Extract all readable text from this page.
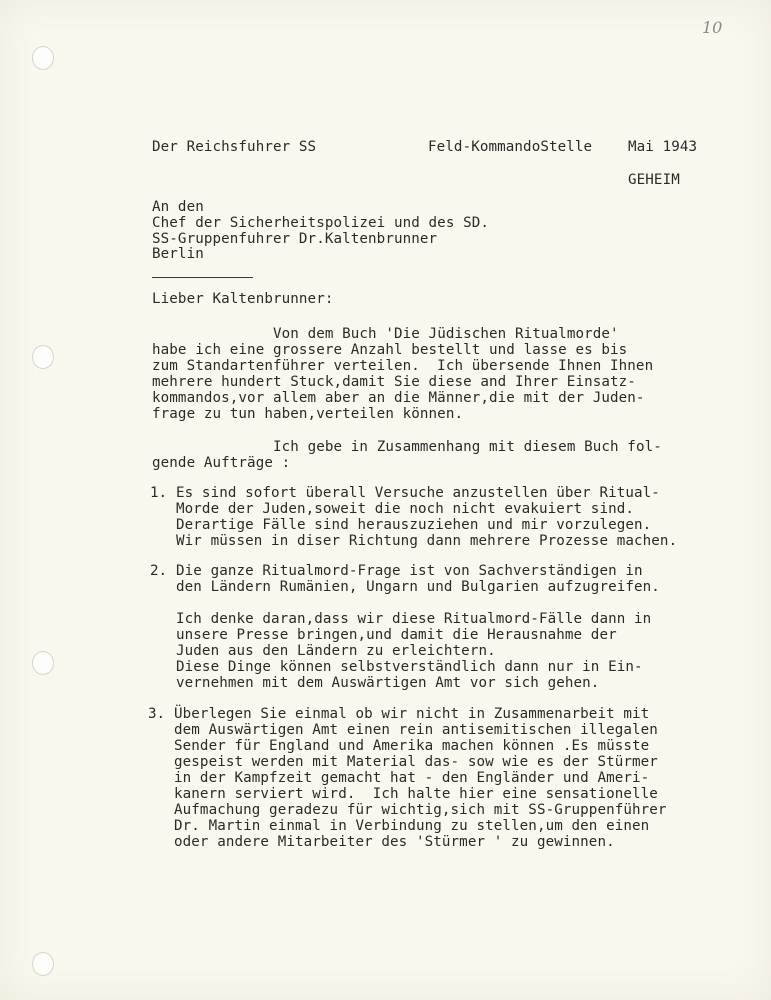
10
Der Reichsfuhrer SS	Feld-KommandoStelle	Mai 1943
GEHEIM
An den
Chef der Sicherheitspolizei und des SD.
SS-Gruppenfuhrer Dr.Kaltenbrunner
Berlin
Lieber Kaltenbrunner:
Von dem Buch 'Die Jüdischen Ritualmorde'
habe ich eine grossere Anzahl bestellt und lasse es bis
zum Standartenführer verteilen.  Ich übersende Ihnen Ihnen
mehrere hundert Stuck,damit Sie diese and Ihrer Einsatz-
kommandos,vor allem aber an die Männer,die mit der Juden-
frage zu tun haben,verteilen können.
Ich gebe in Zusammenhang mit diesem Buch fol-
gende Aufträge :
1. Es sind sofort überall Versuche anzustellen über Ritual-
Morde der Juden,soweit die noch nicht evakuiert sind.
Derartige Fälle sind herauszuziehen und mir vorzulegen.
Wir müssen in diser Richtung dann mehrere Prozesse machen.
2. Die ganze Ritualmord-Frage ist von Sachverständigen in
den Ländern Rumänien, Ungarn und Bulgarien aufzugreifen.
Ich denke daran,dass wir diese Ritualmord-Fälle dann in
unsere Presse bringen,und damit die Herausnahme der
Juden aus den Ländern zu erleichtern.
Diese Dinge können selbstverständlich dann nur in Ein-
vernehmen mit dem Auswärtigen Amt vor sich gehen.
3. Überlegen Sie einmal ob wir nicht in Zusammenarbeit mit
dem Auswärtigen Amt einen rein antisemitischen illegalen
Sender für England und Amerika machen können .Es müsste
gespeist werden mit Material das- sow wie es der Stürmer
in der Kampfzeit gemacht hat - den Engländer und Ameri-
kanern serviert wird.  Ich halte hier eine sensationelle
Aufmachung geradezu für wichtig,sich mit SS-Gruppenführer
Dr. Martin einmal in Verbindung zu stellen,um den einen
oder andere Mitarbeiter des 'Stürmer ' zu gewinnen.
